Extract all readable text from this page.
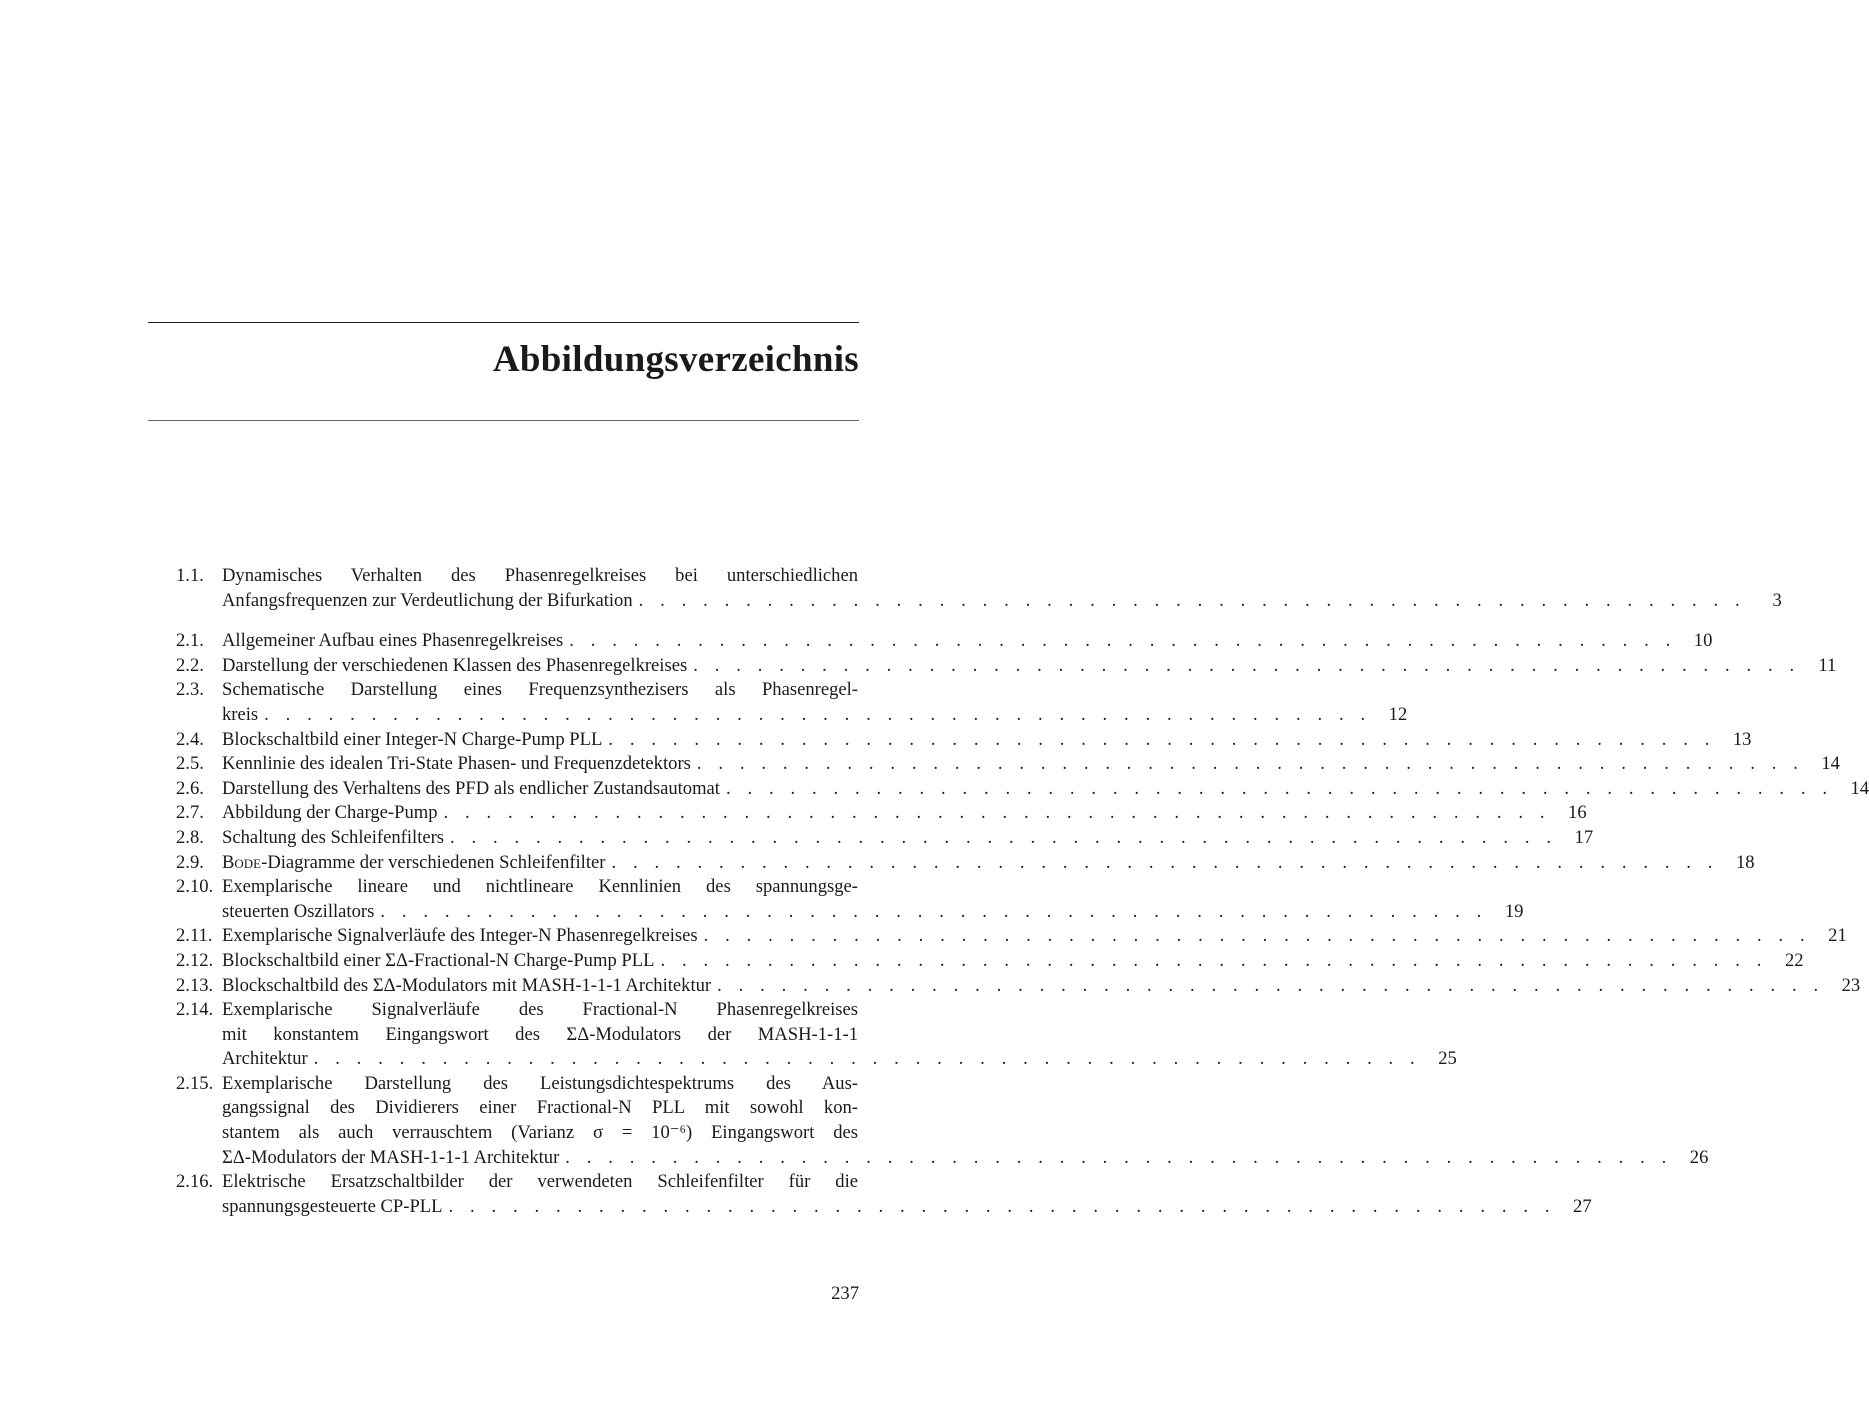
Abbildungsverzeichnis
1.1. Dynamisches Verhalten des Phasenregelkreises bei unterschiedlichen
Anfangsfrequenzen zur Verdeutlichung der Bifurkation . . . . . . . . . . . . . . . . . . . . . . . . . . . . . . . . . . . . . . . . . . . . . . . . . . . .	3
2.1. Allgemeiner Aufbau eines Phasenregelkreises . . . . . . . . . . . . . . . . . . . . . . . . . . . . . . . . . . . . . . . . . . . . . . . . . . . . 10
2.2. Darstellung der verschiedenen Klassen des Phasenregelkreises . . . . . . . . . . . . . . . . . . . . . . . . . . . . . . . . . . . . . . . . . . . . . . . . . . . . 11
2.3. Schematische Darstellung eines Frequenzsynthezisers als Phasenregel-
kreis . . . . . . . . . . . . . . . . . . . . . . . . . . . . . . . . . . . . . . . . . . . . . . . . . . . . 12
2.4. Blockschaltbild einer Integer-N Charge-Pump PLL . . . . . . . . . . . . . . . . . . . . . . . . . . . . . . . . . . . . . . . . . . . . . . . . . . . . 13
2.5. Kennlinie des idealen Tri-State Phasen- und Frequenzdetektors . . . . . . . . . . . . . . . . . . . . . . . . . . . . . . . . . . . . . . . . . . . . . . . . . . . . 14
2.6. Darstellung des Verhaltens des PFD als endlicher Zustandsautomat . . . . . . . . . . . . . . . . . . . . . . . . . . . . . . . . . . . . . . . . . . . . . . . . . . . . 14
2.7. Abbildung der Charge-Pump . . . . . . . . . . . . . . . . . . . . . . . . . . . . . . . . . . . . . . . . . . . . . . . . . . . . 16
2.8. Schaltung des Schleifenfilters . . . . . . . . . . . . . . . . . . . . . . . . . . . . . . . . . . . . . . . . . . . . . . . . . . . . 17
2.9. Bode-Diagramme der verschiedenen Schleifenfilter . . . . . . . . . . . . . . . . . . . . . . . . . . . . . . . . . . . . . . . . . . . . . . . . . . . . 18
2.10. Exemplarische lineare und nichtlineare Kennlinien des spannungsge-
steuerten Oszillators . . . . . . . . . . . . . . . . . . . . . . . . . . . . . . . . . . . . . . . . . . . . . . . . . . . . 19
2.11. Exemplarische Signalverläufe des Integer-N Phasenregelkreises . . . . . . . . . . . . . . . . . . . . . . . . . . . . . . . . . . . . . . . . . . . . . . . . . . . . 21
2.12. Blockschaltbild einer ΣΔ-Fractional-N Charge-Pump PLL . . . . . . . . . . . . . . . . . . . . . . . . . . . . . . . . . . . . . . . . . . . . . . . . . . . . 22
2.13. Blockschaltbild des ΣΔ-Modulators mit MASH-1-1-1 Architektur . . . . . . . . . . . . . . . . . . . . . . . . . . . . . . . . . . . . . . . . . . . . . . . . . . . . 23
2.14. Exemplarische Signalverläufe des Fractional-N Phasenregelkreises
mit konstantem Eingangswort des ΣΔ-Modulators der MASH-1-1-1
Architektur . . . . . . . . . . . . . . . . . . . . . . . . . . . . . . . . . . . . . . . . . . . . . . . . . . . . 25
2.15. Exemplarische Darstellung des Leistungsdichtespektrums des Aus-
gangssignal des Dividierers einer Fractional-N PLL mit sowohl kon-
stantem als auch verrauschtem (Varianz σ = 10⁻⁶) Eingangswort des
ΣΔ-Modulators der MASH-1-1-1 Architektur . . . . . . . . . . . . . . . . . . . . . . . . . . . . . . . . . . . . . . . . . . . . . . . . . . . . 26
2.16. Elektrische Ersatzschaltbilder der verwendeten Schleifenfilter für die
spannungsgesteuerte CP-PLL . . . . . . . . . . . . . . . . . . . . . . . . . . . . . . . . . . . . . . . . . . . . . . . . . . . . 27
237
